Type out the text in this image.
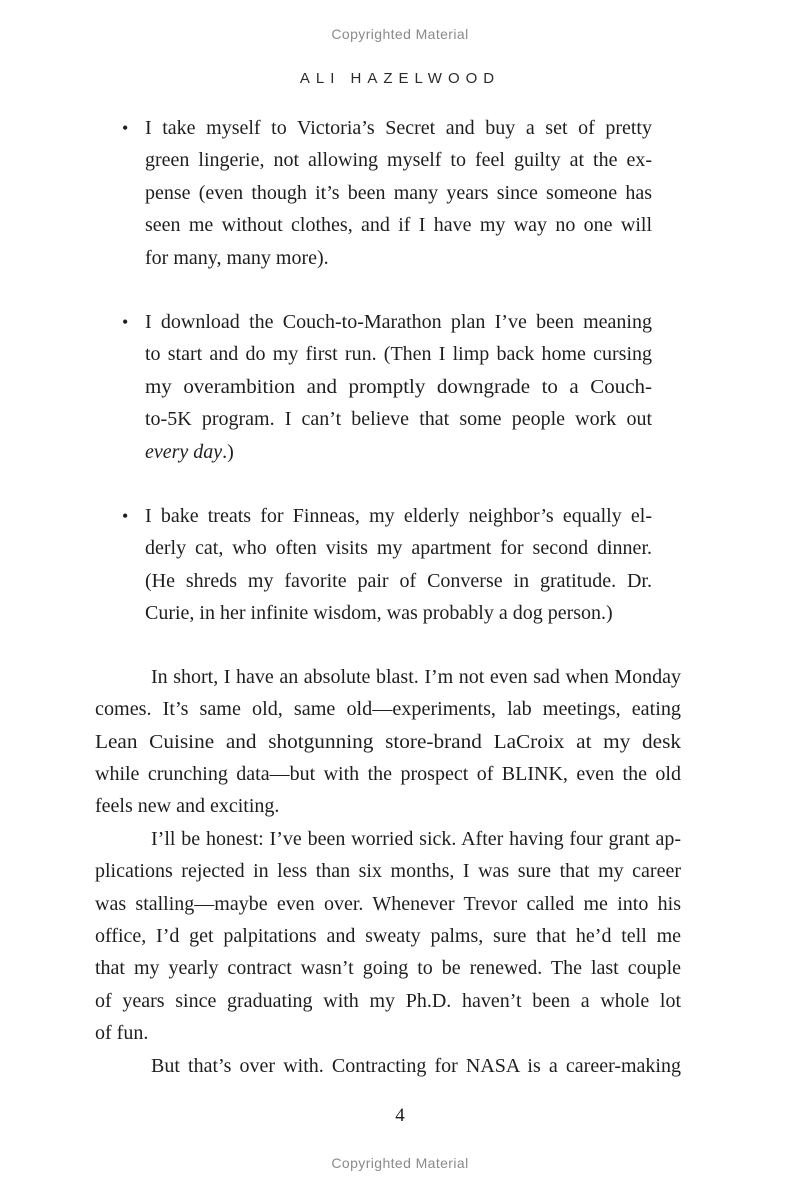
Copyrighted Material
ALI HAZELWOOD
• I take myself to Victoria’s Secret and buy a set of pretty
green lingerie, not allowing myself to feel guilty at the ex-
pense (even though it’s been many years since someone has
seen me without clothes, and if I have my way no one will
for many, many more).
• I download the Couch-to-Marathon plan I’ve been meaning
to start and do my first run. (Then I limp back home cursing
my overambition and promptly downgrade to a Couch-
to-5K program. I can’t believe that some people work out
every day.)
• I bake treats for Finneas, my elderly neighbor’s equally el-
derly cat, who often visits my apartment for second dinner.
(He shreds my favorite pair of Converse in gratitude. Dr.
Curie, in her infinite wisdom, was probably a dog person.)
In short, I have an absolute blast. I’m not even sad when Monday
comes. It’s same old, same old—experiments, lab meetings, eating
Lean Cuisine and shotgunning store-brand LaCroix at my desk
while crunching data—but with the prospect of BLINK, even the old
feels new and exciting.
I’ll be honest: I’ve been worried sick. After having four grant ap-
plications rejected in less than six months, I was sure that my career
was stalling—maybe even over. Whenever Trevor called me into his
office, I’d get palpitations and sweaty palms, sure that he’d tell me
that my yearly contract wasn’t going to be renewed. The last couple
of years since graduating with my Ph.D. haven’t been a whole lot
of fun.
But that’s over with. Contracting for NASA is a career-making
4
Copyrighted Material
